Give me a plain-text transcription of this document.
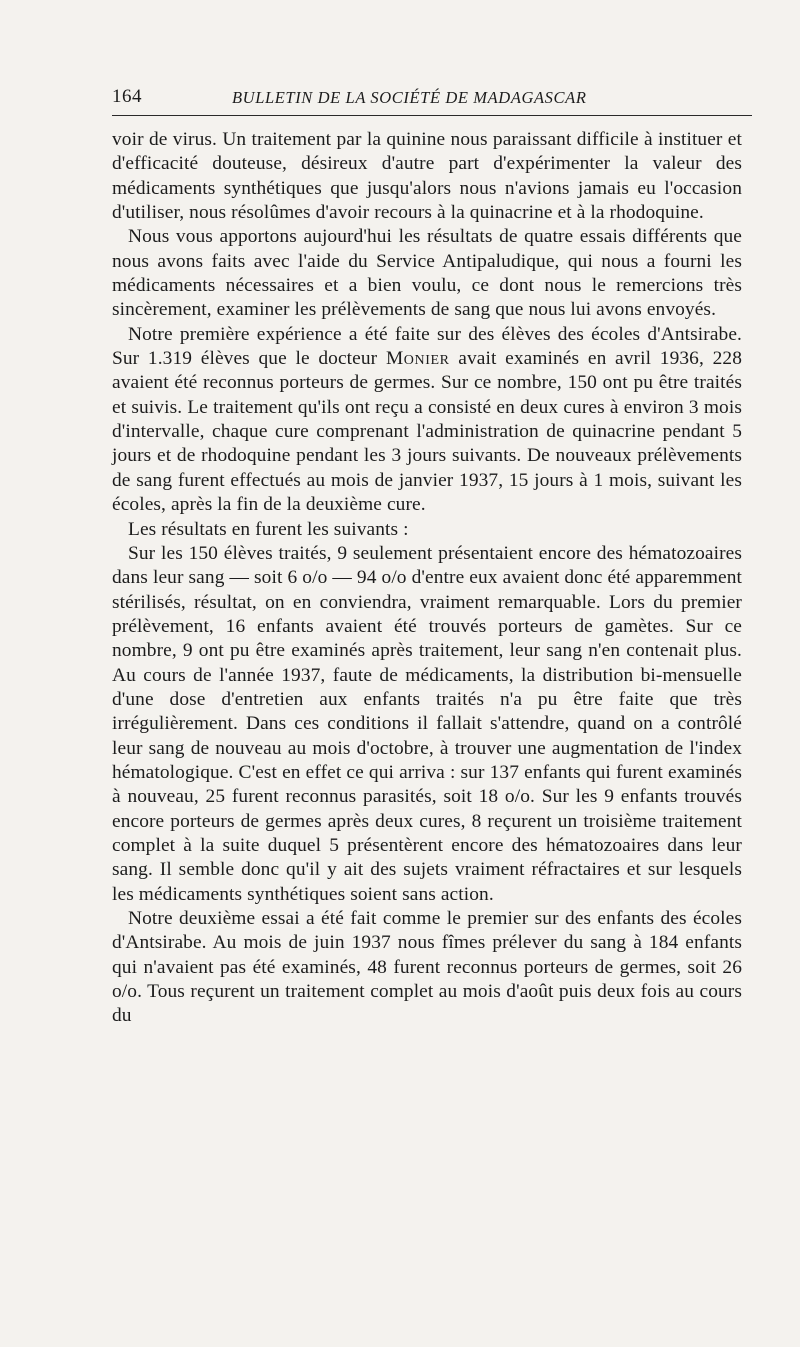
164	BULLETIN DE LA SOCIÉTÉ DE MADAGASCAR

voir de virus. Un traitement par la quinine nous paraissant difficile à instituer et d'efficacité douteuse, désireux d'autre part d'expérimenter la valeur des médicaments synthétiques que jusqu'alors nous n'avions jamais eu l'occasion d'utiliser, nous résolûmes d'avoir recours à la quinacrine et à la rhodoquine.

Nous vous apportons aujourd'hui les résultats de quatre essais différents que nous avons faits avec l'aide du Service Antipaludique, qui nous a fourni les médicaments nécessaires et a bien voulu, ce dont nous le remercions très sincèrement, examiner les prélèvements de sang que nous lui avons envoyés.

Notre première expérience a été faite sur des élèves des écoles d'Antsirabe. Sur 1.319 élèves que le docteur Monier avait examinés en avril 1936, 228 avaient été reconnus porteurs de germes. Sur ce nombre, 150 ont pu être traités et suivis. Le traitement qu'ils ont reçu a consisté en deux cures à environ 3 mois d'intervalle, chaque cure comprenant l'administration de quinacrine pendant 5 jours et de rhodoquine pendant les 3 jours suivants. De nouveaux prélèvements de sang furent effectués au mois de janvier 1937, 15 jours à 1 mois, suivant les écoles, après la fin de la deuxième cure.

Les résultats en furent les suivants :

Sur les 150 élèves traités, 9 seulement présentaient encore des hématozoaires dans leur sang — soit 6 o/o — 94 o/o d'entre eux avaient donc été apparemment stérilisés, résultat, on en conviendra, vraiment remarquable. Lors du premier prélèvement, 16 enfants avaient été trouvés porteurs de gamètes. Sur ce nombre, 9 ont pu être examinés après traitement, leur sang n'en contenait plus. Au cours de l'année 1937, faute de médicaments, la distribution bi-mensuelle d'une dose d'entretien aux enfants traités n'a pu être faite que très irrégulièrement. Dans ces conditions il fallait s'attendre, quand on a contrôlé leur sang de nouveau au mois d'octobre, à trouver une augmentation de l'index hématologique. C'est en effet ce qui arriva : sur 137 enfants qui furent examinés à nouveau, 25 furent reconnus parasités, soit 18 o/o. Sur les 9 enfants trouvés encore porteurs de germes après deux cures, 8 reçurent un troisième traitement complet à la suite duquel 5 présentèrent encore des hématozoaires dans leur sang. Il semble donc qu'il y ait des sujets vraiment réfractaires et sur lesquels les médicaments synthétiques soient sans action.

Notre deuxième essai a été fait comme le premier sur des enfants des écoles d'Antsirabe. Au mois de juin 1937 nous fîmes prélever du sang à 184 enfants qui n'avaient pas été examinés, 48 furent reconnus porteurs de germes, soit 26 o/o. Tous reçurent un traitement complet au mois d'août puis deux fois au cours du
